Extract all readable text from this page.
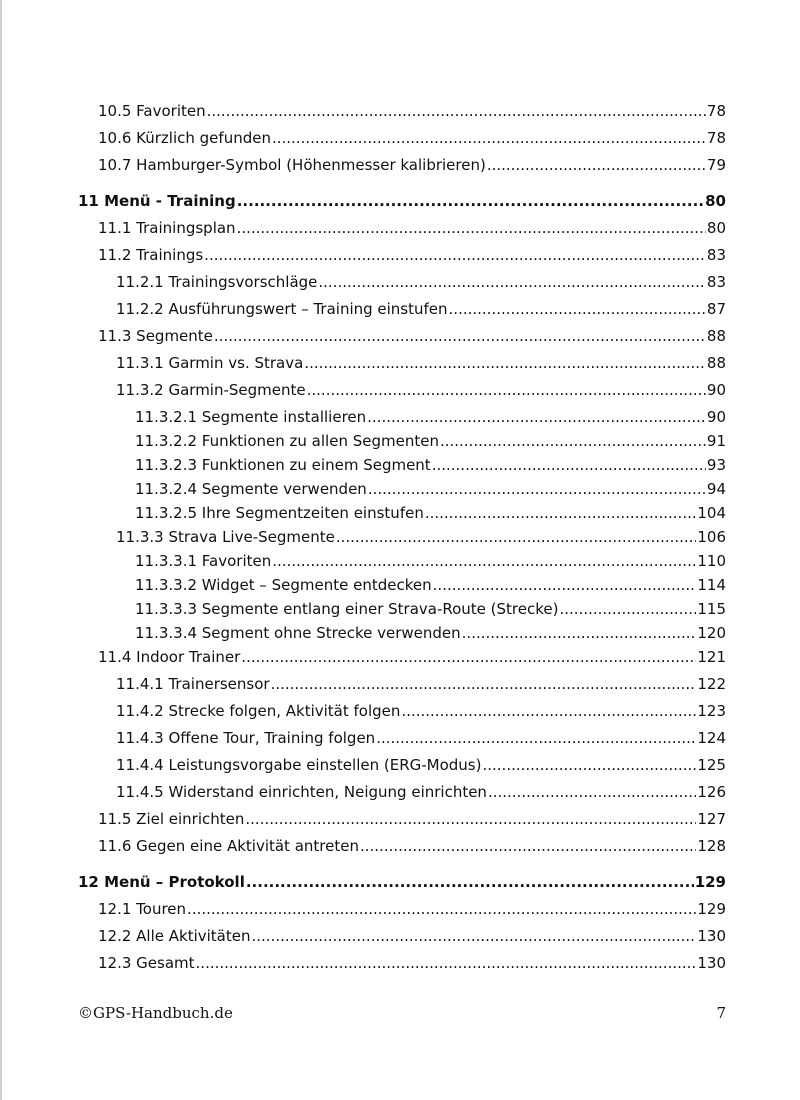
10.5 Favoriten .....	78
10.6 Kürzlich gefunden .....	78
10.7 Hamburger-Symbol (Höhenmesser kalibrieren) .....	79
11 Menü - Training .....	80
11.1 Trainingsplan .....	80
11.2 Trainings .....	83
11.2.1 Trainingsvorschläge .....	83
11.2.2 Ausführungswert – Training einstufen .....	87
11.3 Segmente .....	88
11.3.1 Garmin vs. Strava .....	88
11.3.2 Garmin-Segmente .....	90
11.3.2.1 Segmente installieren .....	90
11.3.2.2 Funktionen zu allen Segmenten .....	91
11.3.2.3 Funktionen zu einem Segment .....	93
11.3.2.4 Segmente verwenden .....	94
11.3.2.5 Ihre Segmentzeiten einstufen .....	104
11.3.3 Strava Live-Segmente .....	106
11.3.3.1 Favoriten .....	110
11.3.3.2 Widget – Segmente entdecken .....	114
11.3.3.3 Segmente entlang einer Strava-Route (Strecke) .....	115
11.3.3.4 Segment ohne Strecke verwenden .....	120
11.4 Indoor Trainer .....	121
11.4.1 Trainersensor .....	122
11.4.2 Strecke folgen, Aktivität folgen .....	123
11.4.3 Offene Tour, Training folgen .....	124
11.4.4 Leistungsvorgabe einstellen (ERG-Modus) .....	125
11.4.5 Widerstand einrichten, Neigung einrichten .....	126
11.5 Ziel einrichten .....	127
11.6 Gegen eine Aktivität antreten .....	128
12 Menü – Protokoll .....	129
12.1 Touren .....	129
12.2 Alle Aktivitäten .....	130
12.3 Gesamt .....	130
©GPS-Handbuch.de	7
